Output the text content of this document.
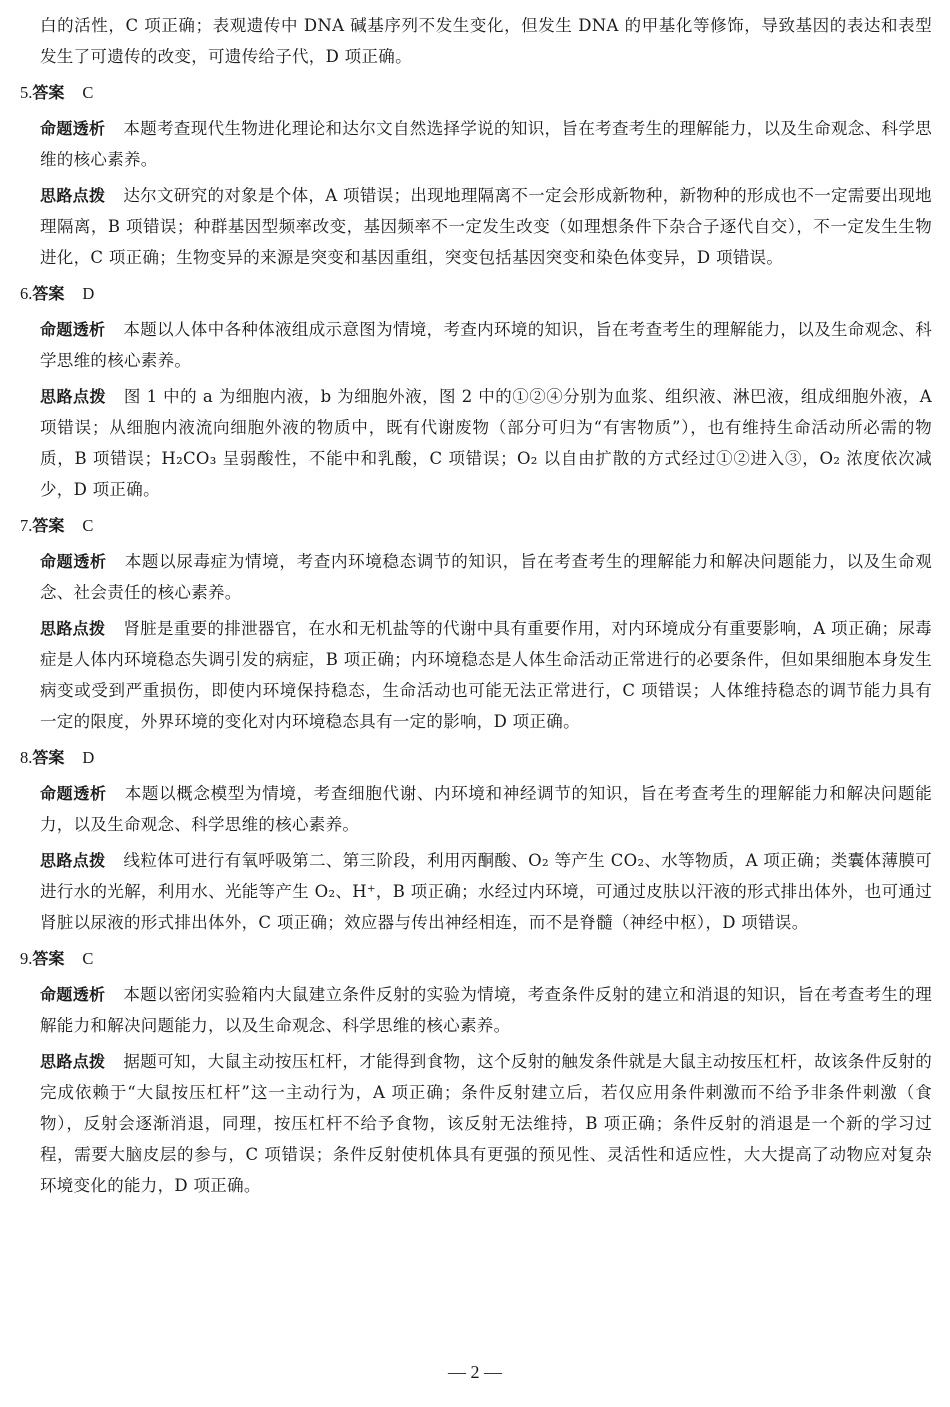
白的活性，C 项正确；表观遗传中 DNA 碱基序列不发生变化，但发生 DNA 的甲基化等修饰，导致基因的表达和表型发生了可遗传的改变，可遗传给子代，D 项正确。

5.答案 C

命题透析 本题考查现代生物进化理论和达尔文自然选择学说的知识，旨在考查考生的理解能力，以及生命观念、科学思维的核心素养。

思路点拨 达尔文研究的对象是个体，A 项错误；出现地理隔离不一定会形成新物种，新物种的形成也不一定需要出现地理隔离，B 项错误；种群基因型频率改变，基因频率不一定发生改变（如理想条件下杂合子逐代自交），不一定发生生物进化，C 项正确；生物变异的来源是突变和基因重组，突变包括基因突变和染色体变异，D 项错误。

6.答案 D

命题透析 本题以人体中各种体液组成示意图为情境，考查内环境的知识，旨在考查考生的理解能力，以及生命观念、科学思维的核心素养。

思路点拨 图 1 中的 a 为细胞内液，b 为细胞外液，图 2 中的①②④分别为血浆、组织液、淋巴液，组成细胞外液，A 项错误；从细胞内液流向细胞外液的物质中，既有代谢废物（部分可归为“有害物质”），也有维持生命活动所必需的物质，B 项错误；H₂CO₃ 呈弱酸性，不能中和乳酸，C 项错误；O₂ 以自由扩散的方式经过①②进入③，O₂ 浓度依次减少，D 项正确。

7.答案 C

命题透析 本题以尿毒症为情境，考查内环境稳态调节的知识，旨在考查考生的理解能力和解决问题能力，以及生命观念、社会责任的核心素养。

思路点拨 肾脏是重要的排泄器官，在水和无机盐等的代谢中具有重要作用，对内环境成分有重要影响，A 项正确；尿毒症是人体内环境稳态失调引发的病症，B 项正确；内环境稳态是人体生命活动正常进行的必要条件，但如果细胞本身发生病变或受到严重损伤，即使内环境保持稳态，生命活动也可能无法正常进行，C 项错误；人体维持稳态的调节能力具有一定的限度，外界环境的变化对内环境稳态具有一定的影响，D 项正确。

8.答案 D

命题透析 本题以概念模型为情境，考查细胞代谢、内环境和神经调节的知识，旨在考查考生的理解能力和解决问题能力，以及生命观念、科学思维的核心素养。

思路点拨 线粒体可进行有氧呼吸第二、第三阶段，利用丙酮酸、O₂ 等产生 CO₂、水等物质，A 项正确；类囊体薄膜可进行水的光解，利用水、光能等产生 O₂、H⁺，B 项正确；水经过内环境，可通过皮肤以汗液的形式排出体外，也可通过肾脏以尿液的形式排出体外，C 项正确；效应器与传出神经相连，而不是脊髓（神经中枢），D 项错误。

9.答案 C

命题透析 本题以密闭实验箱内大鼠建立条件反射的实验为情境，考查条件反射的建立和消退的知识，旨在考查考生的理解能力和解决问题能力，以及生命观念、科学思维的核心素养。

思路点拨 据题可知，大鼠主动按压杠杆，才能得到食物，这个反射的触发条件就是大鼠主动按压杠杆，故该条件反射的完成依赖于“大鼠按压杠杆”这一主动行为，A 项正确；条件反射建立后，若仅应用条件刺激而不给予非条件刺激（食物），反射会逐渐消退，同理，按压杠杆不给予食物，该反射无法维持，B 项正确；条件反射的消退是一个新的学习过程，需要大脑皮层的参与，C 项错误；条件反射使机体具有更强的预见性、灵活性和适应性，大大提高了动物应对复杂环境变化的能力，D 项正确。

— 2 —
